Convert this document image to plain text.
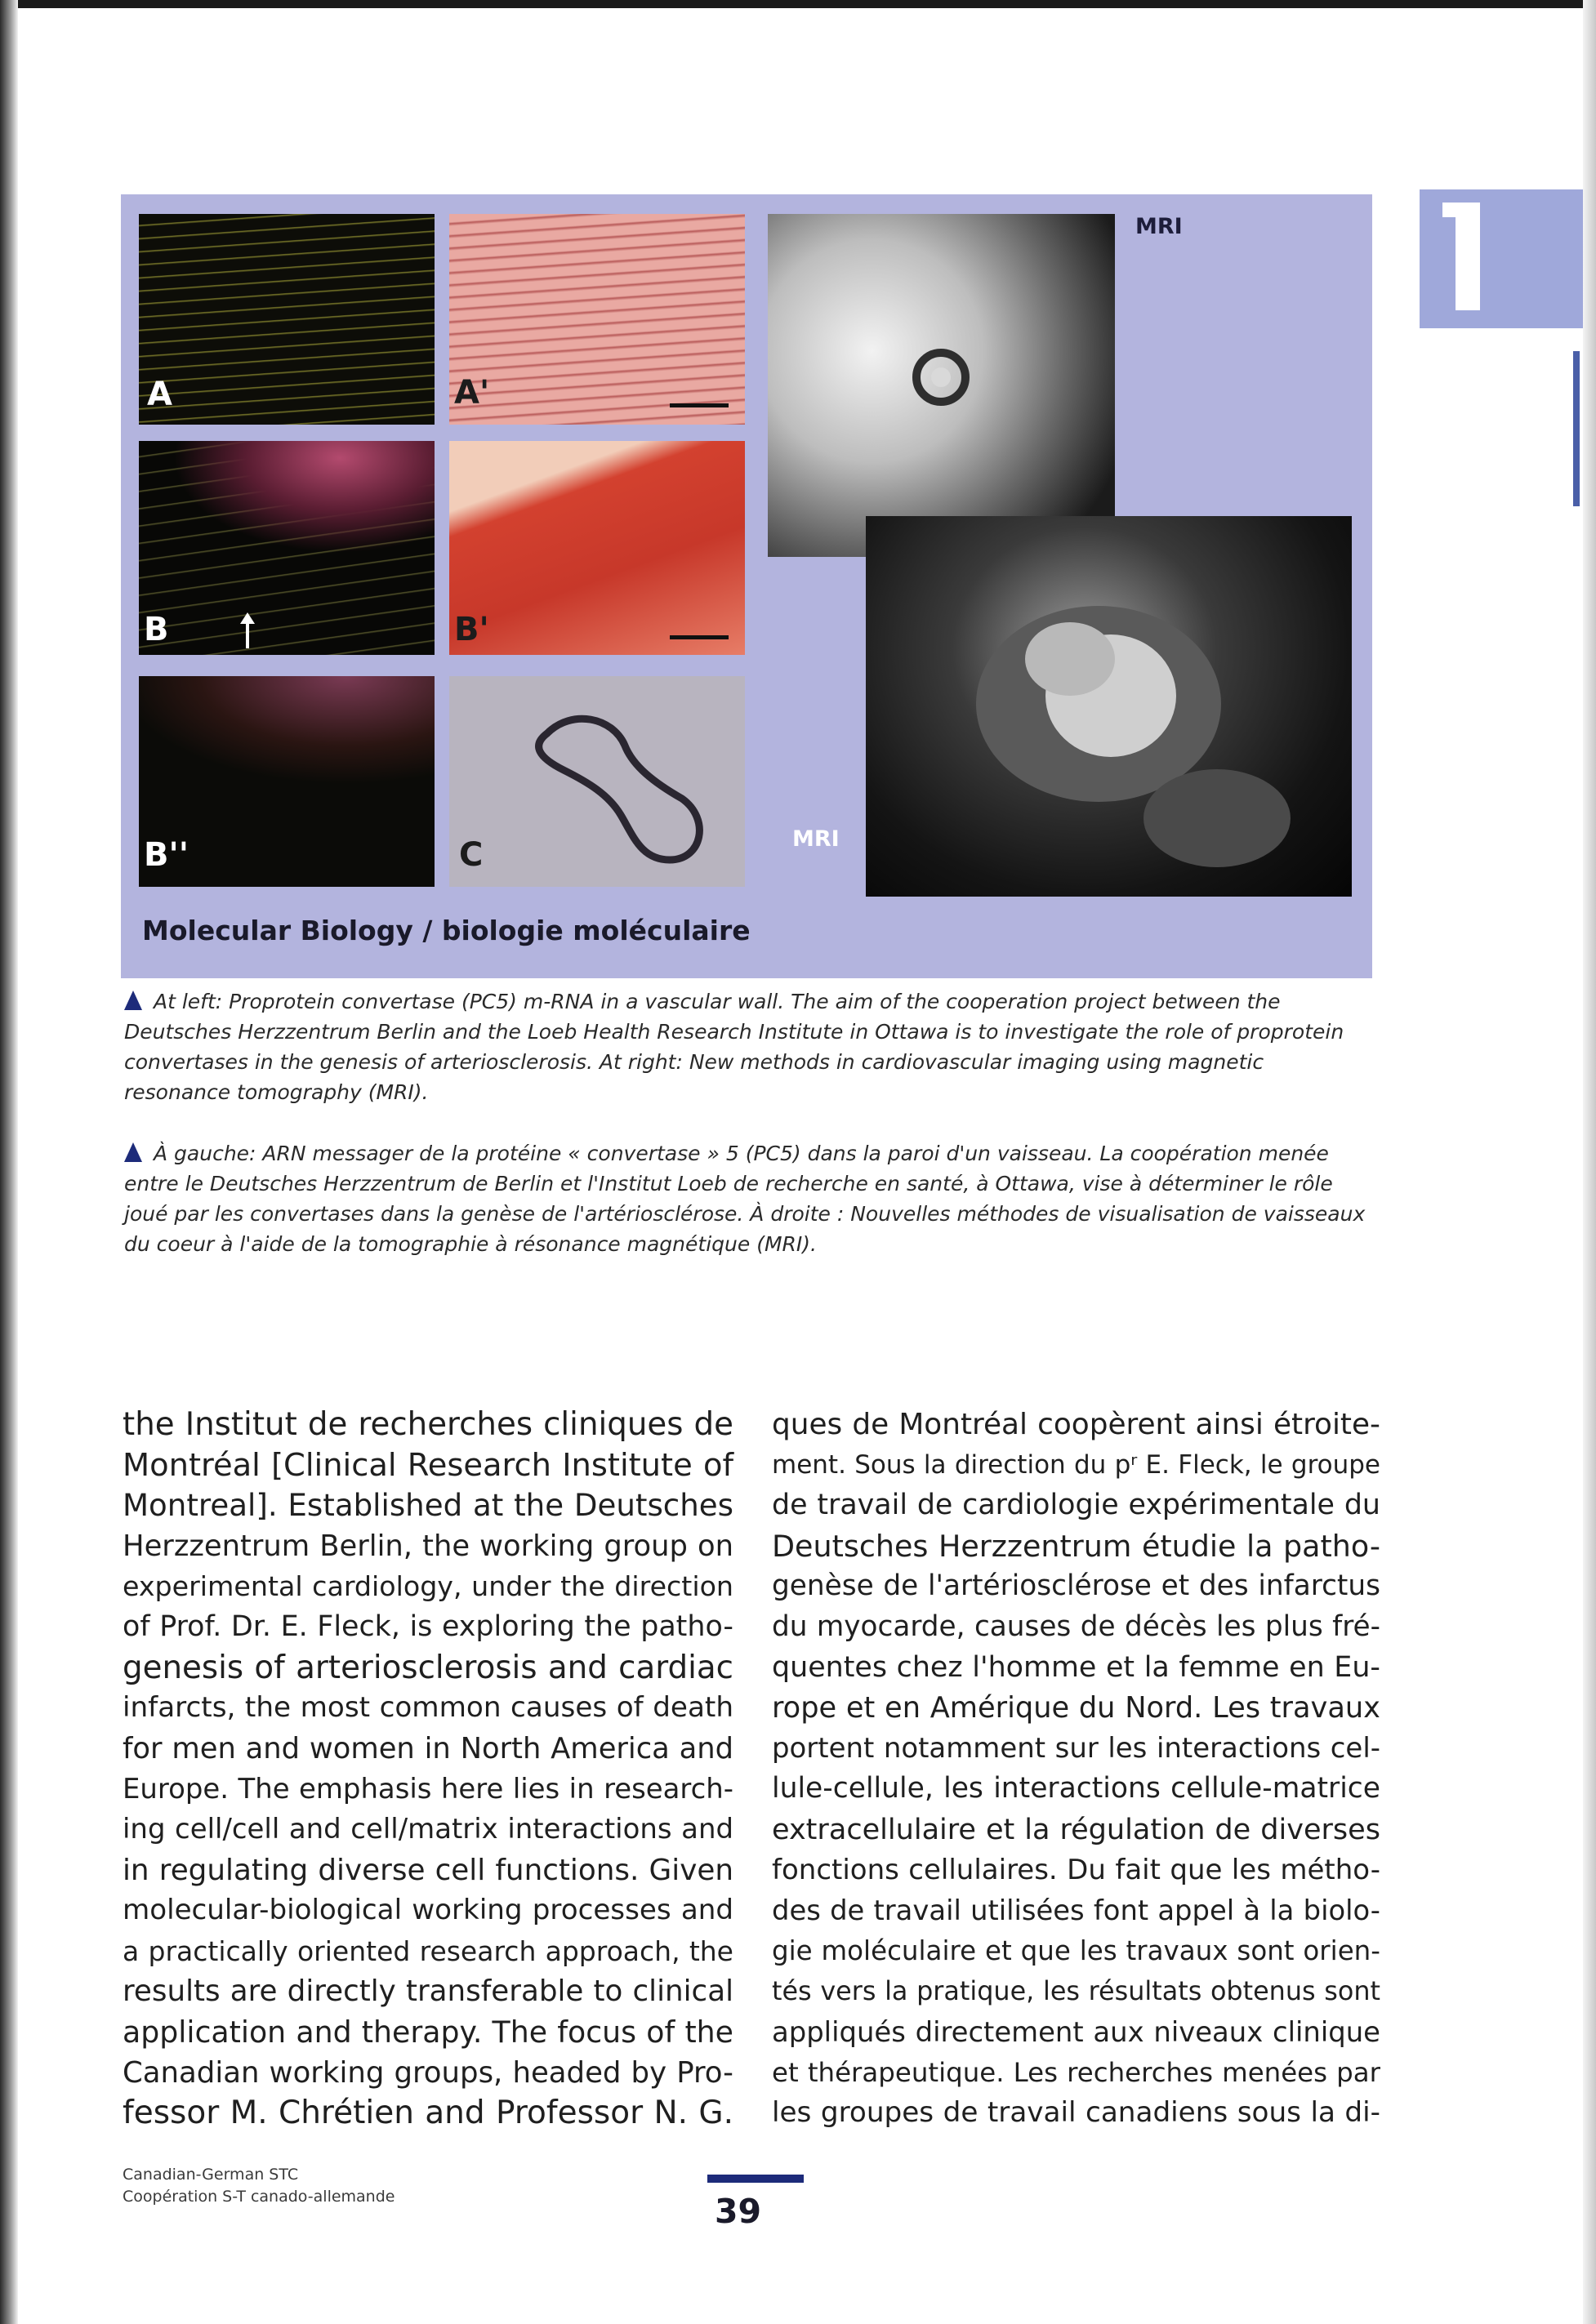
A	A'
B	B'
B''	C	MRI
MRI
Molecular Biology / biologie moléculaire
At left: Proprotein convertase (PC5) m-RNA in a vascular wall. The aim of the cooperation project between the Deutsches Herzzentrum Berlin and the Loeb Health Research Institute in Ottawa is to investigate the role of proprotein convertases in the genesis of arteriosclerosis. At right: New methods in cardiovascular imaging using magnetic resonance tomography (MRI).
À gauche: ARN messager de la protéine « convertase » 5 (PC5) dans la paroi d'un vaisseau. La coopération menée entre le Deutsches Herzzentrum de Berlin et l'Institut Loeb de recherche en santé, à Ottawa, vise à déterminer le rôle joué par les convertases dans la genèse de l'artériosclérose. À droite : Nouvelles méthodes de visualisation de vaisseaux du coeur à l'aide de la tomographie à résonance magnétique (MRI).
the Institut de recherches cliniques de
Montréal [Clinical Research Institute of
Montreal]. Established at the Deutsches
Herzzentrum Berlin, the working group on
experimental cardiology, under the direction
of Prof. Dr. E. Fleck, is exploring the patho-
genesis of arteriosclerosis and cardiac
infarcts, the most common causes of death
for men and women in North America and
Europe. The emphasis here lies in research-
ing cell/cell and cell/matrix interactions and
in regulating diverse cell functions. Given
molecular-biological working processes and
a practically oriented research approach, the
results are directly transferable to clinical
application and therapy. The focus of the
Canadian working groups, headed by Pro-
fessor M. Chrétien and Professor N. G.
ques de Montréal coopèrent ainsi étroite-
ment. Sous la direction du pʳ E. Fleck, le groupe
de travail de cardiologie expérimentale du
Deutsches Herzzentrum étudie la patho-
genèse de l'artériosclérose et des infarctus
du myocarde, causes de décès les plus fré-
quentes chez l'homme et la femme en Eu-
rope et en Amérique du Nord. Les travaux
portent notamment sur les interactions cel-
lule-cellule, les interactions cellule-matrice
extracellulaire et la régulation de diverses
fonctions cellulaires. Du fait que les métho-
des de travail utilisées font appel à la biolo-
gie moléculaire et que les travaux sont orien-
tés vers la pratique, les résultats obtenus sont
appliqués directement aux niveaux clinique
et thérapeutique. Les recherches menées par
les groupes de travail canadiens sous la di-
Canadian-German STC
Coopération S-T canado-allemande	39
